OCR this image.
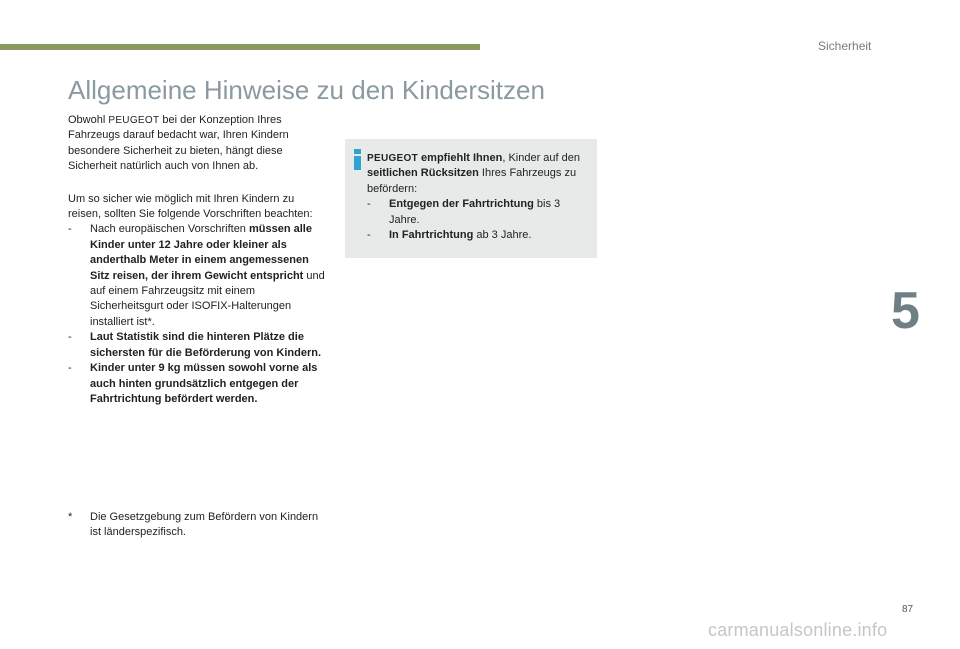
Sicherheit
Allgemeine Hinweise zu den Kindersitzen

Obwohl PEUGEOT bei der Konzeption Ihres Fahrzeugs darauf bedacht war, Ihren Kindern besondere Sicherheit zu bieten, hängt diese Sicherheit natürlich auch von Ihnen ab.

Um so sicher wie möglich mit Ihren Kindern zu reisen, sollten Sie folgende Vorschriften beachten:

-	Nach europäischen Vorschriften müssen alle Kinder unter 12 Jahre oder kleiner als anderthalb Meter in einem angemessenen Sitz reisen, der ihrem Gewicht entspricht und auf einem Fahrzeugsitz mit einem Sicherheitsgurt oder ISOFIX-Halterungen installiert ist*.
-	Laut Statistik sind die hinteren Plätze die sichersten für die Beförderung von Kindern.
-	Kinder unter 9 kg müssen sowohl vorne als auch hinten grundsätzlich entgegen der Fahrtrichtung befördert werden.
*	Die Gesetzgebung zum Befördern von Kindern ist länderspezifisch.

PEUGEOT empfiehlt Ihnen, Kinder auf den seitlichen Rücksitzen Ihres Fahrzeugs zu befördern:

-	Entgegen der Fahrtrichtung bis 3 Jahre.
-	In Fahrtrichtung ab 3 Jahre.
5
87
carmanualsonline.info
